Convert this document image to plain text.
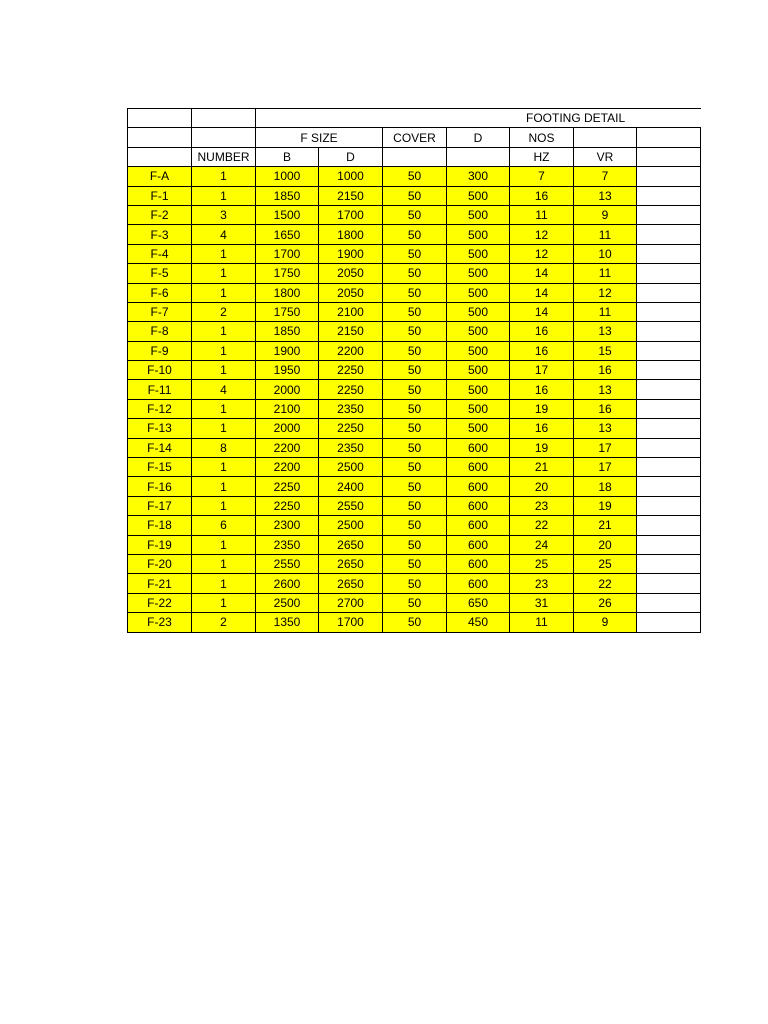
		FOOTING DETAIL						
		F SIZE		COVER	D	NOS		
	NUMBER	B	D			HZ	VR	
F-A	1	1000	1000	50	300	7	7	
F-1	1	1850	2150	50	500	16	13	
F-2	3	1500	1700	50	500	11	9	
F-3	4	1650	1800	50	500	12	11	
F-4	1	1700	1900	50	500	12	10	
F-5	1	1750	2050	50	500	14	11	
F-6	1	1800	2050	50	500	14	12	
F-7	2	1750	2100	50	500	14	11	
F-8	1	1850	2150	50	500	16	13	
F-9	1	1900	2200	50	500	16	15	
F-10	1	1950	2250	50	500	17	16	
F-11	4	2000	2250	50	500	16	13	
F-12	1	2100	2350	50	500	19	16	
F-13	1	2000	2250	50	500	16	13	
F-14	8	2200	2350	50	600	19	17	
F-15	1	2200	2500	50	600	21	17	
F-16	1	2250	2400	50	600	20	18	
F-17	1	2250	2550	50	600	23	19	
F-18	6	2300	2500	50	600	22	21	
F-19	1	2350	2650	50	600	24	20	
F-20	1	2550	2650	50	600	25	25	
F-21	1	2600	2650	50	600	23	22	
F-22	1	2500	2700	50	650	31	26	
F-23	2	1350	1700	50	450	11	9	
